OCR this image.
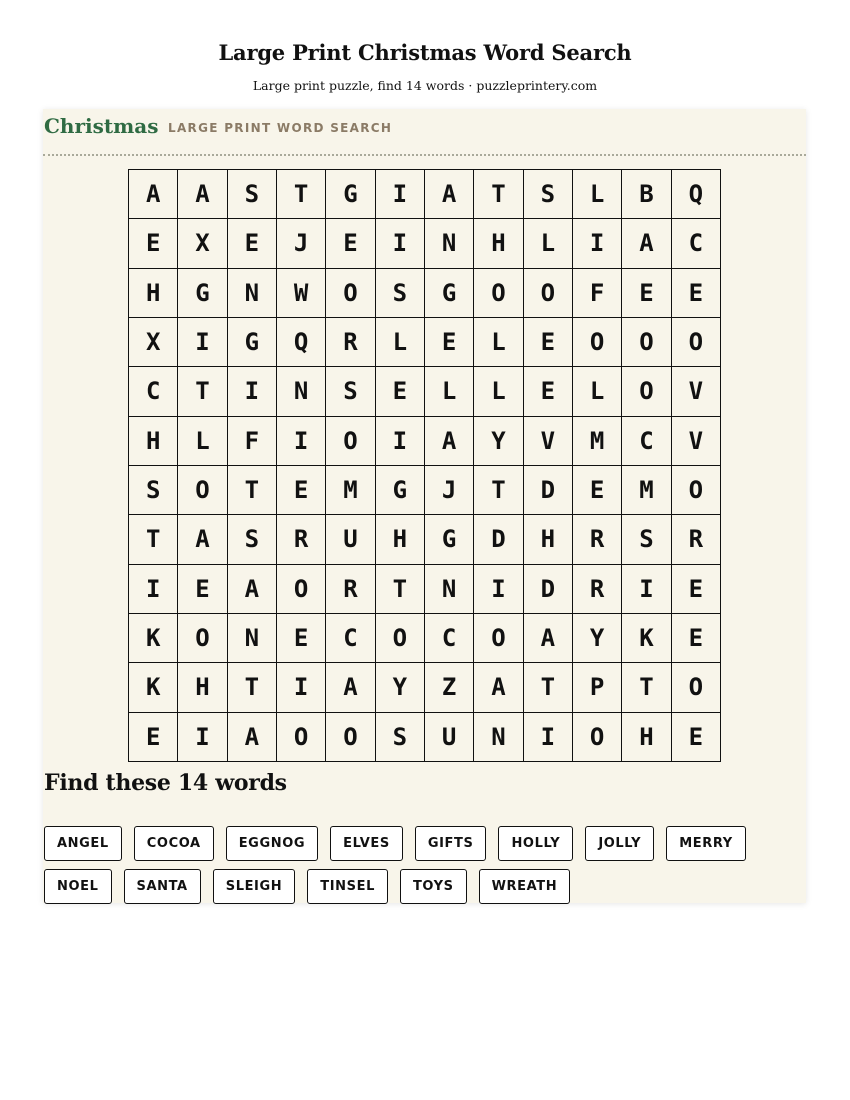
Large Print Christmas Word Search
Large print puzzle, find 14 words · puzzleprintery.com
Christmas LARGE PRINT WORD SEARCH
A	A	S	T	G	I	A	T	S	L	B	Q
E	X	E	J	E	I	N	H	L	I	A	C
H	G	N	W	O	S	G	O	O	F	E	E
X	I	G	Q	R	L	E	L	E	O	O	O
C	T	I	N	S	E	L	L	E	L	O	V
H	L	F	I	O	I	A	Y	V	M	C	V
S	O	T	E	M	G	J	T	D	E	M	O
T	A	S	R	U	H	G	D	H	R	S	R
I	E	A	O	R	T	N	I	D	R	I	E
K	O	N	E	C	O	C	O	A	Y	K	E
K	H	T	I	A	Y	Z	A	T	P	T	O
E	I	A	O	O	S	U	N	I	O	H	E
Find these 14 words
ANGEL	COCOA	EGGNOG	ELVES	GIFTS	HOLLY	JOLLY	MERRY
NOEL	SANTA	SLEIGH	TINSEL	TOYS	WREATH
